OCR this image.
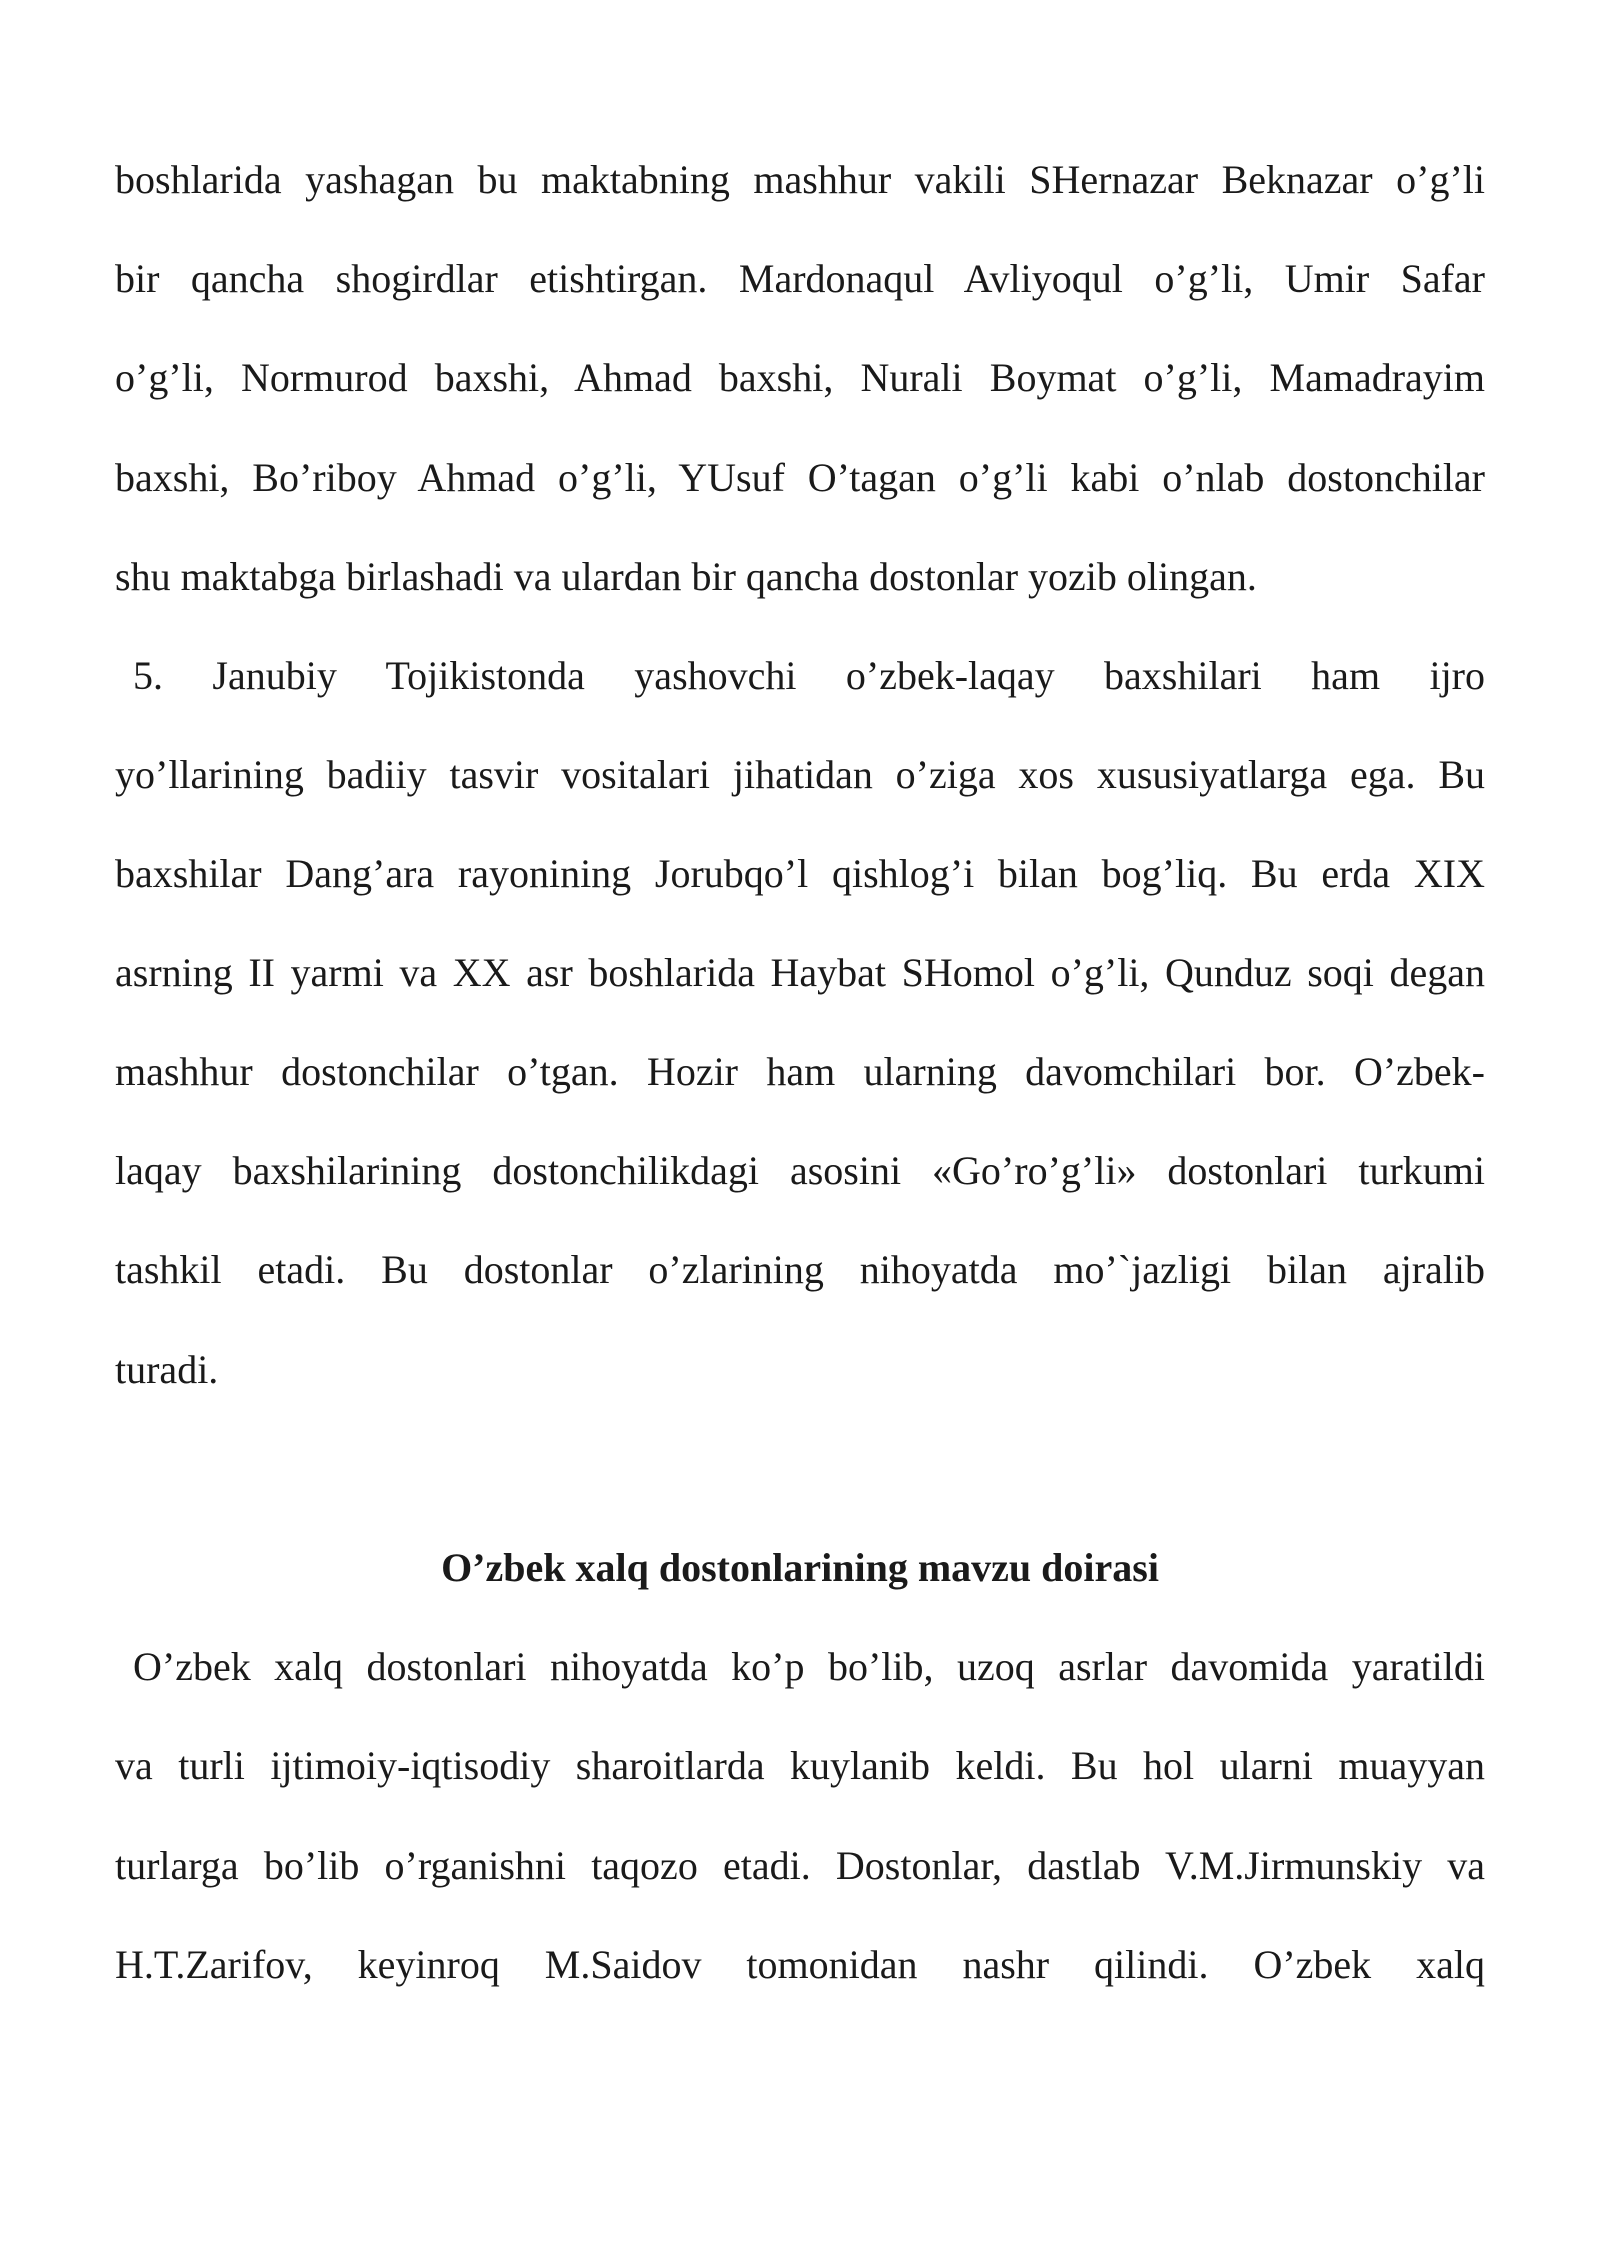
boshlarida yashagan bu maktabning mashhur vakili SHernazar Beknazar o’g’li
bir qancha shogirdlar etishtirgan. Mardonaqul Avliyoqul o’g’li, Umir Safar
o’g’li, Normurod baxshi, Ahmad baxshi, Nurali Boymat o’g’li, Mamadrayim
baxshi, Bo’riboy Ahmad o’g’li, YUsuf O’tagan o’g’li kabi o’nlab dostonchilar
shu maktabga birlashadi va ulardan bir qancha dostonlar yozib olingan.
5. Janubiy Tojikistonda yashovchi o’zbek-laqay baxshilari ham ijro
yo’llarining badiiy tasvir vositalari jihatidan o’ziga xos xususiyatlarga ega. Bu
baxshilar Dang’ara rayonining Jorubqo’l qishlog’i bilan bog’liq. Bu erda XIX
asrning II yarmi va XX asr boshlarida Haybat SHomol o’g’li, Qunduz soqi degan
mashhur dostonchilar o’tgan. Hozir ham ularning davomchilari bor. O’zbek-
laqay baxshilarining dostonchilikdagi asosini «Go’ro’g’li» dostonlari turkumi
tashkil etadi. Bu dostonlar o’zlarining nihoyatda mo’`jazligi bilan ajralib
turadi.
O’zbek xalq dostonlarining mavzu doirasi
O’zbek xalq dostonlari nihoyatda ko’p bo’lib, uzoq asrlar davomida yaratildi
va turli ijtimoiy-iqtisodiy sharoitlarda kuylanib keldi. Bu hol ularni muayyan
turlarga bo’lib o’rganishni taqozo etadi. Dostonlar, dastlab V.M.Jirmunskiy va
H.T.Zarifov, keyinroq M.Saidov tomonidan nashr qilindi. O’zbek xalq
